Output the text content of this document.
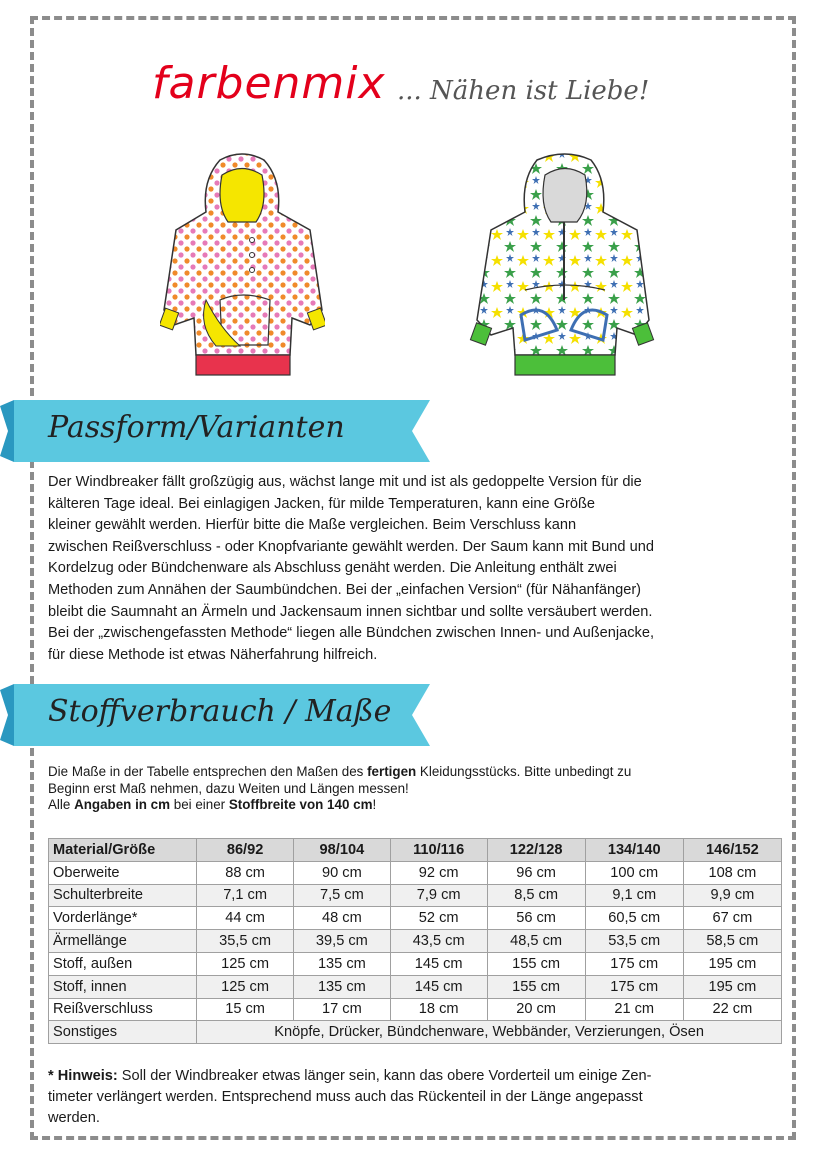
farbenmix ... Nähen ist Liebe!
Passform/Varianten
Der Windbreaker fällt großzügig aus, wächst lange mit und ist als gedoppelte Version für die
kälteren Tage ideal. Bei einlagigen Jacken, für milde Temperaturen, kann eine Größe
kleiner gewählt werden. Hierfür bitte die Maße vergleichen. Beim Verschluss kann
zwischen Reißverschluss - oder Knopfvariante gewählt werden. Der Saum kann mit Bund und
Kordelzug oder Bündchenware als Abschluss genäht werden. Die Anleitung enthält zwei
Methoden zum Annähen der Saumbündchen. Bei der „einfachen Version“ (für Nähanfänger)
bleibt die Saumnaht an Ärmeln und Jackensaum innen sichtbar und sollte versäubert werden.
Bei der „zwischengefassten Methode“ liegen alle Bündchen zwischen Innen- und Außenjacke,
für diese Methode ist etwas Näherfahrung hilfreich.
Stoffverbrauch / Maße
Die Maße in der Tabelle entsprechen den Maßen des fertigen Kleidungsstücks. Bitte unbedingt zu
Beginn erst Maß nehmen, dazu Weiten und Längen messen!
Alle Angaben in cm bei einer Stoffbreite von 140 cm!
Material/Größe	86/92	98/104	110/116	122/128	134/140	146/152
Oberweite	88 cm	90 cm	92 cm	96 cm	100 cm	108 cm
Schulterbreite	7,1 cm	7,5 cm	7,9 cm	8,5 cm	9,1 cm	9,9 cm
Vorderlänge*	44 cm	48 cm	52 cm	56 cm	60,5 cm	67 cm
Ärmellänge	35,5 cm	39,5 cm	43,5 cm	48,5 cm	53,5 cm	58,5 cm
Stoff, außen	125 cm	135 cm	145 cm	155 cm	175 cm	195 cm
Stoff, innen	125 cm	135 cm	145 cm	155 cm	175 cm	195 cm
Reißverschluss	15 cm	17 cm	18 cm	20 cm	21 cm	22 cm
Sonstiges	Knöpfe, Drücker, Bündchenware, Webbänder, Verzierungen, Ösen					
* Hinweis: Soll der Windbreaker etwas länger sein, kann das obere Vorderteil um einige Zen-
timeter verlängert werden. Entsprechend muss auch das Rückenteil in der Länge angepasst
werden.
